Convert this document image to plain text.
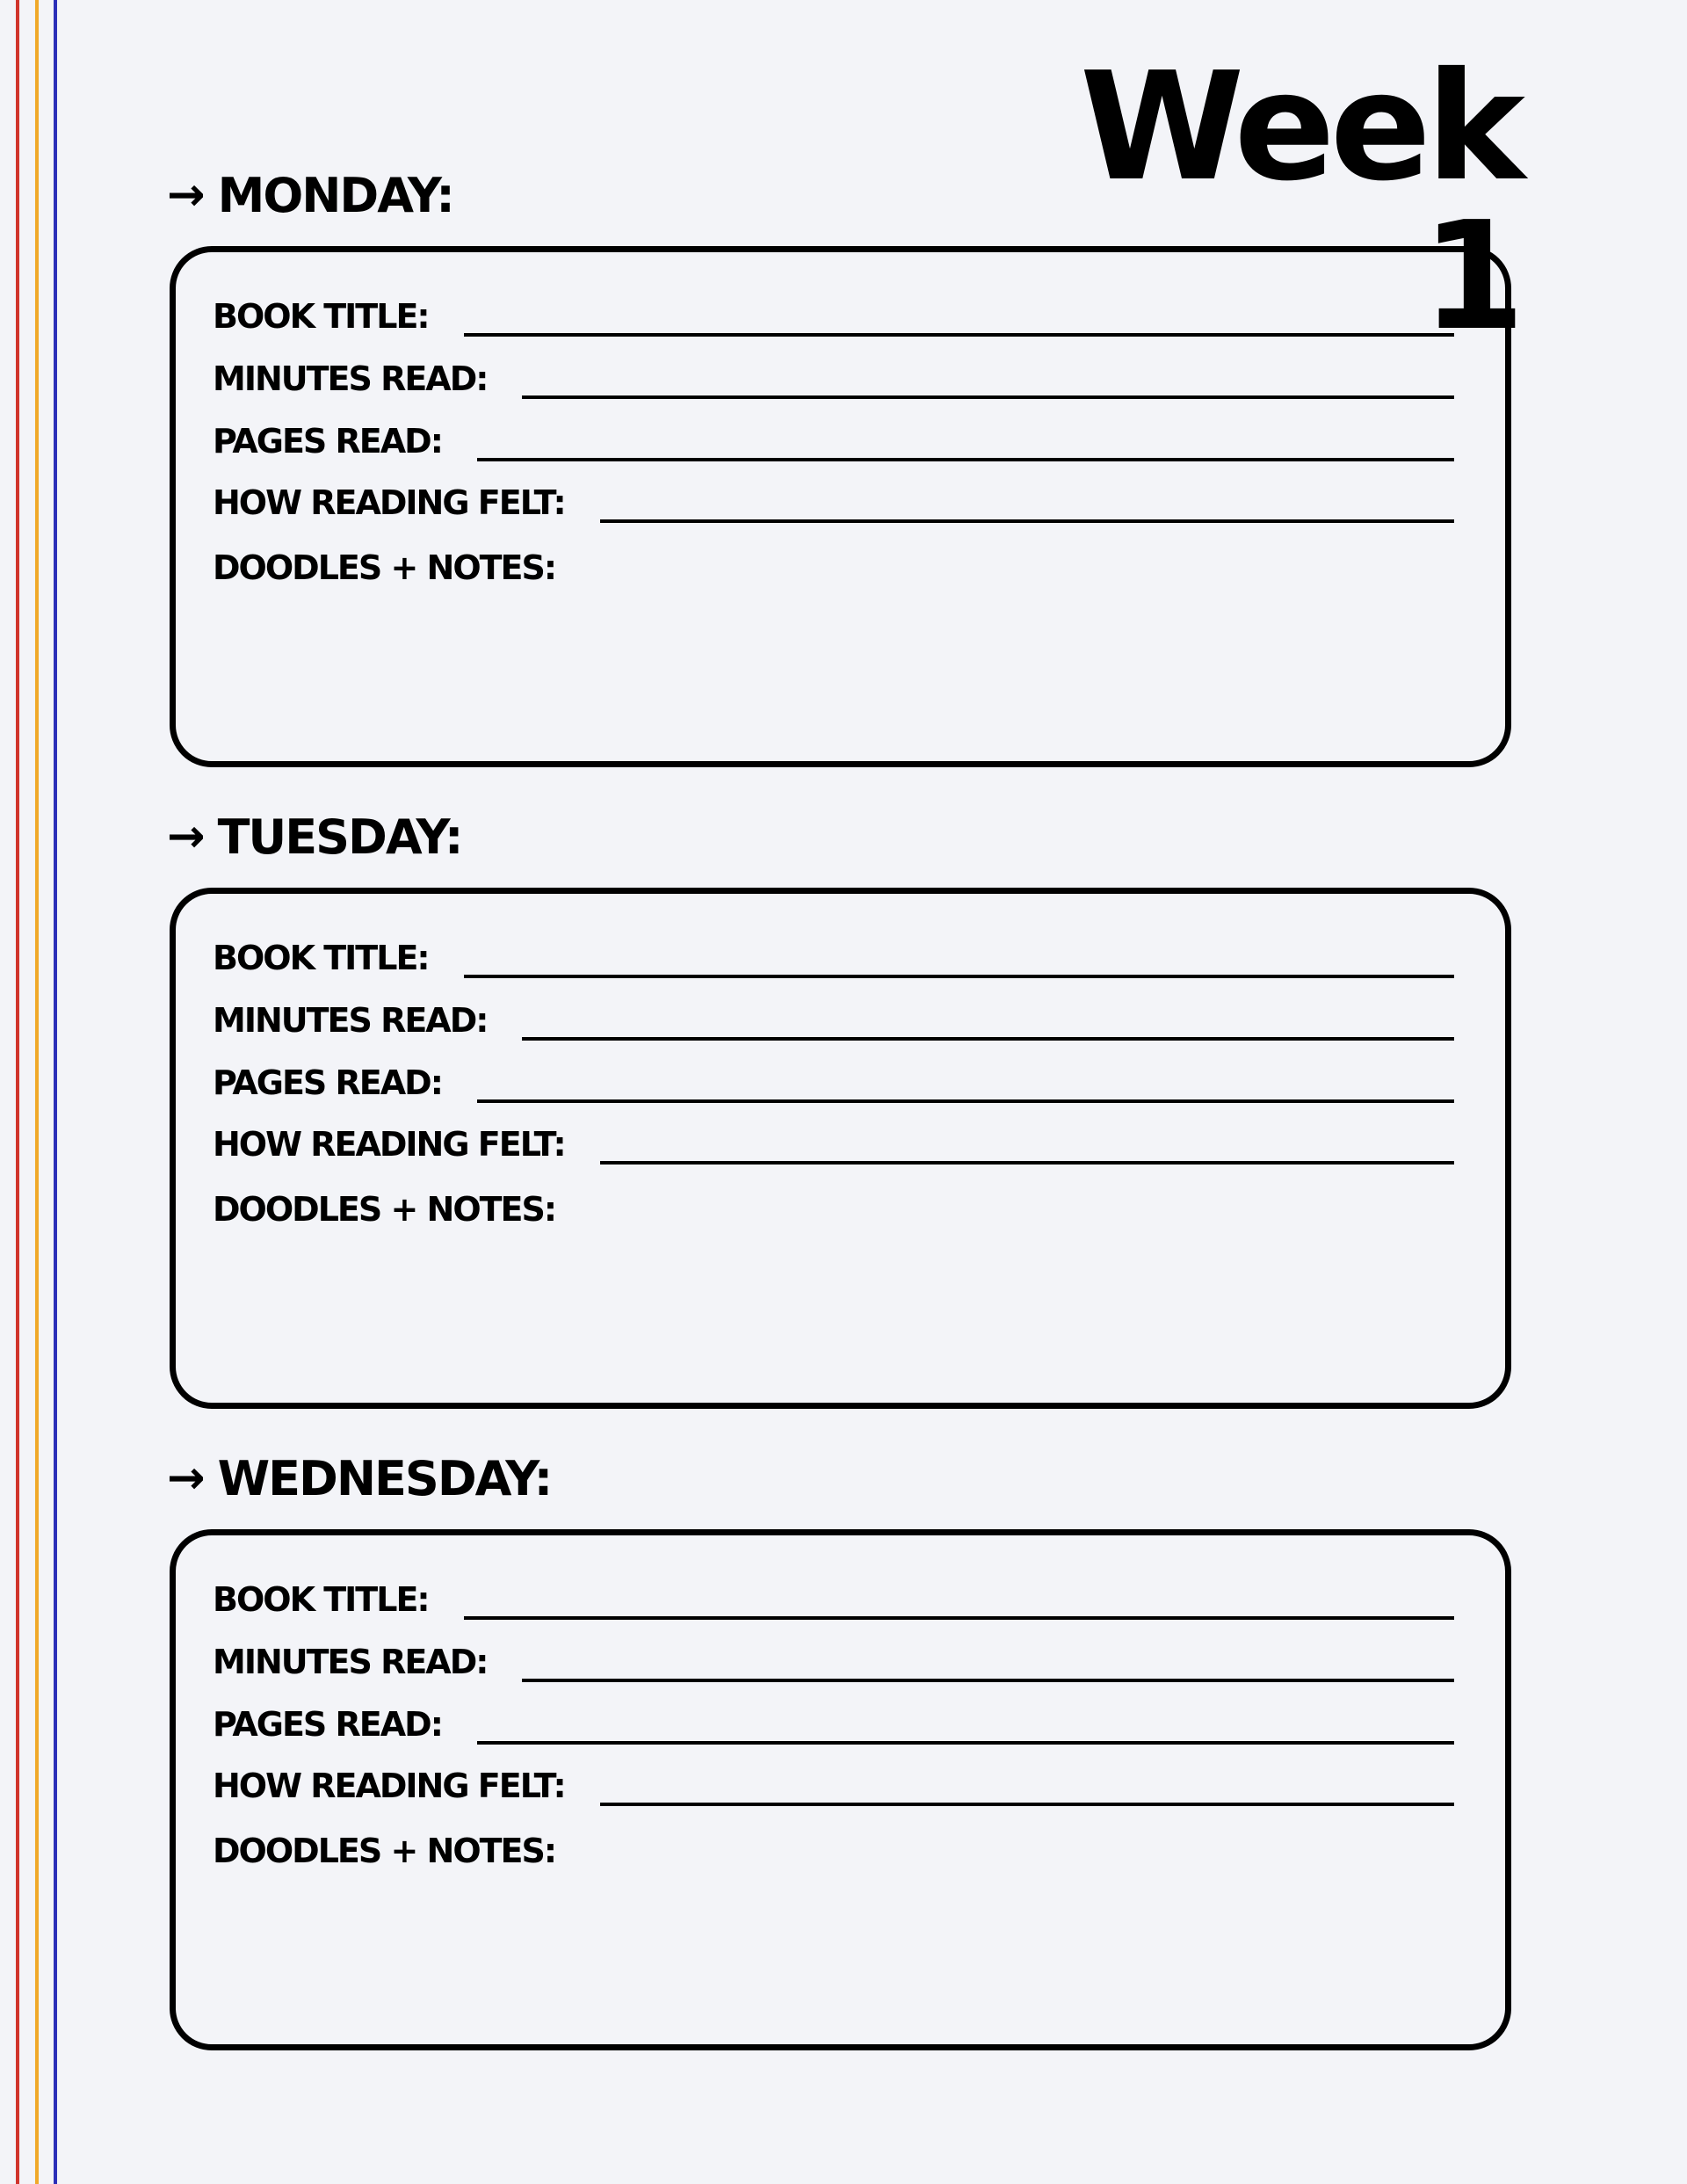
Week 1
→ MONDAY:
BOOK TITLE:
MINUTES READ:
PAGES READ:
HOW READING FELT:
DOODLES + NOTES:
→ TUESDAY:
BOOK TITLE:
MINUTES READ:
PAGES READ:
HOW READING FELT:
DOODLES + NOTES:
→ WEDNESDAY:
BOOK TITLE:
MINUTES READ:
PAGES READ:
HOW READING FELT:
DOODLES + NOTES:
